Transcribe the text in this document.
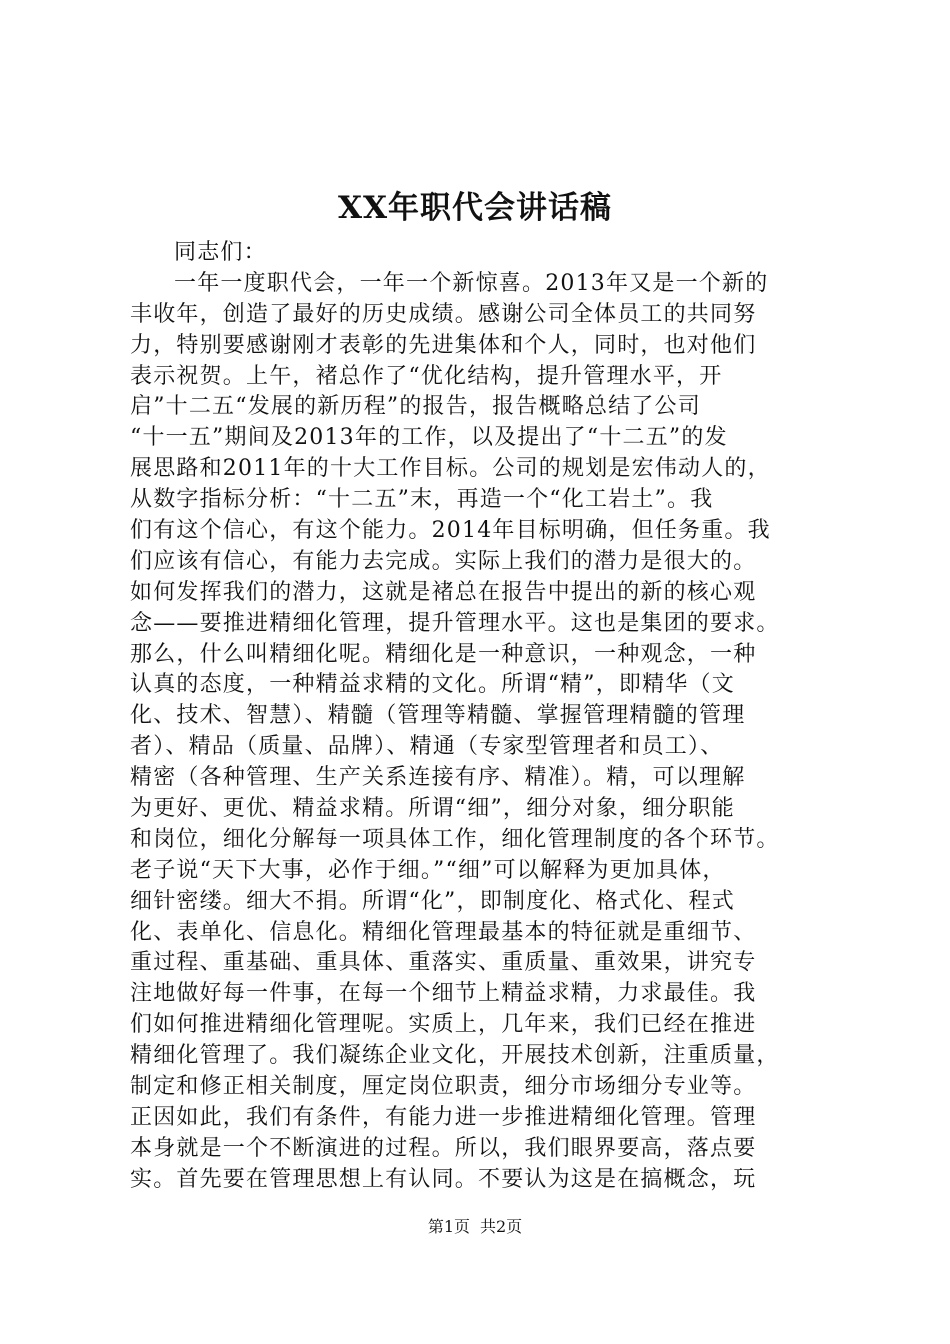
XX年职代会讲话稿
同志们：
一年一度职代会，一年一个新惊喜。2013年又是一个新的
丰收年，创造了最好的历史成绩。感谢公司全体员工的共同努
力，特别要感谢刚才表彰的先进集体和个人，同时，也对他们
表示祝贺。上午，褚总作了“优化结构，提升管理水平，开
启”十二五“发展的新历程”的报告，报告概略总结了公司
“十一五”期间及2013年的工作，以及提出了“十二五”的发
展思路和2011年的十大工作目标。公司的规划是宏伟动人的，
从数字指标分析：“十二五”末，再造一个“化工岩土”。我
们有这个信心，有这个能力。2014年目标明确，但任务重。我
们应该有信心，有能力去完成。实际上我们的潜力是很大的。
如何发挥我们的潜力，这就是褚总在报告中提出的新的核心观
念——要推进精细化管理，提升管理水平。这也是集团的要求。
那么，什么叫精细化呢。精细化是一种意识，一种观念，一种
认真的态度，一种精益求精的文化。所谓“精”，即精华（文
化、技术、智慧）、精髓（管理等精髓、掌握管理精髓的管理
者）、精品（质量、品牌）、精通（专家型管理者和员工）、
精密（各种管理、生产关系连接有序、精准）。精，可以理解
为更好、更优、精益求精。所谓“细”，细分对象，细分职能
和岗位，细化分解每一项具体工作，细化管理制度的各个环节。
老子说“天下大事，必作于细。”“细”可以解释为更加具体，
细针密缕。细大不捐。所谓“化”，即制度化、格式化、程式
化、表单化、信息化。精细化管理最基本的特征就是重细节、
重过程、重基础、重具体、重落实、重质量、重效果，讲究专
注地做好每一件事，在每一个细节上精益求精，力求最佳。我
们如何推进精细化管理呢。实质上，几年来，我们已经在推进
精细化管理了。我们凝练企业文化，开展技术创新，注重质量，
制定和修正相关制度，厘定岗位职责，细分市场细分专业等。
正因如此，我们有条件，有能力进一步推进精细化管理。管理
本身就是一个不断演进的过程。所以，我们眼界要高，落点要
实。首先要在管理思想上有认同。不要认为这是在搞概念，玩
第1页 共2页
